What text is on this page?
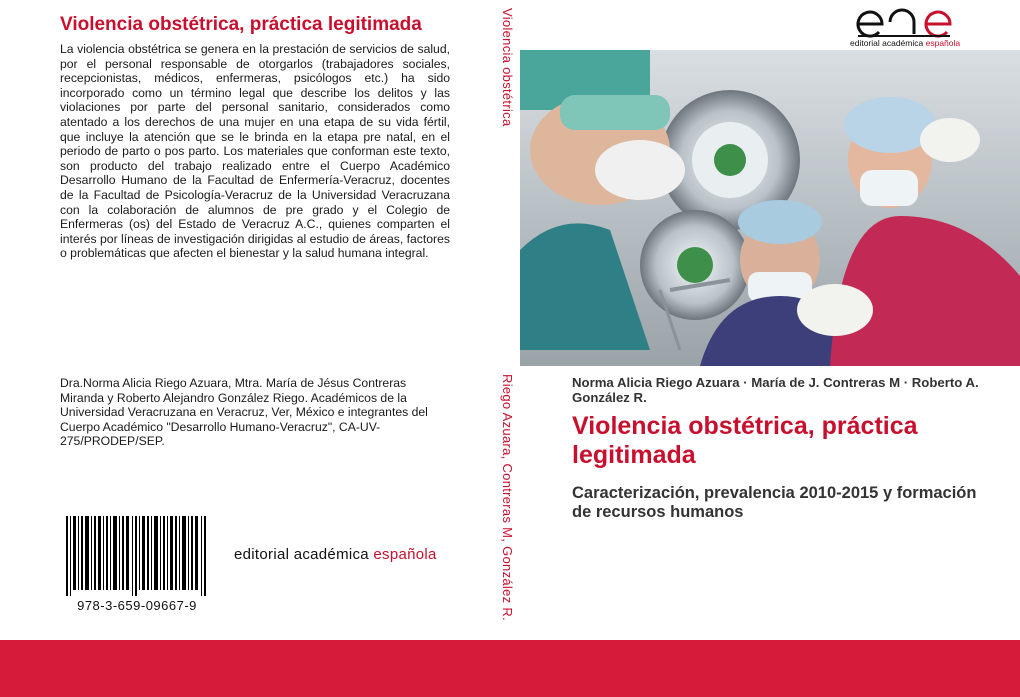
Violencia obstétrica, práctica legitimada
La violencia obstétrica se genera en la prestación de servicios de salud, por el personal responsable de otorgarlos (trabajadores sociales, recepcionistas, médicos, enfermeras, psicólogos etc.) ha sido incorporado como un término legal que describe los delitos y las violaciones por parte del personal sanitario, considerados como atentado a los derechos de una mujer en una etapa de su vida fértil, que incluye la atención que se le brinda en la etapa pre natal, en el periodo de parto o pos parto. Los materiales que conforman este texto, son producto del trabajo realizado entre el Cuerpo Académico Desarrollo Humano de la Facultad de Enfermería-Veracruz, docentes de la Facultad de Psicología-Veracruz de la Universidad Veracruzana con la colaboración de alumnos de pre grado y el Colegio de Enfermeras (os) del Estado de Veracruz A.C., quienes comparten el interés por líneas de investigación dirigidas al estudio de áreas, factores o problemáticas que afecten el bienestar y la salud humana integral.
Dra.Norma Alicia Riego Azuara, Mtra. María de Jésus Contreras Miranda y Roberto Alejandro González Riego. Académicos de la Universidad Veracruzana en Veracruz, Ver, México e integrantes del Cuerpo Académico "Desarrollo Humano-Veracruz", CA-UV-275/PRODEP/SEP.
978-3-659-09667-9
editorial académica española
Violencia obstétrica
Riego Azuara, Contreras M, González R.
editorial académica española
Norma Alicia Riego Azuara · María de J. Contreras M · Roberto A. González R.
Violencia obstétrica, práctica legitimada
Caracterización, prevalencia 2010-2015 y formación de recursos humanos
